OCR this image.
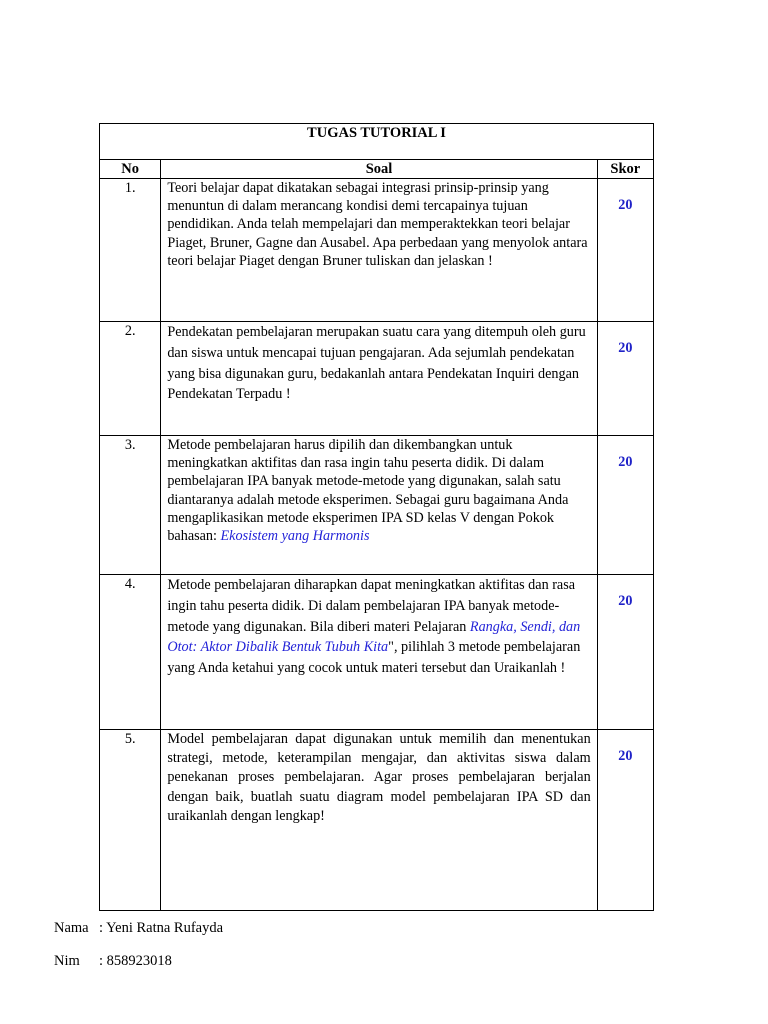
TUGAS TUTORIAL I		
No	Soal	Skor
1.	Teori belajar dapat dikatakan sebagai integrasi prinsip-prinsip yang menuntun di dalam merancang kondisi demi tercapainya tujuan pendidikan. Anda telah mempelajari dan memperaktekkan teori belajar Piaget, Bruner, Gagne dan Ausabel. Apa perbedaan yang menyolok antara teori belajar Piaget dengan Bruner tuliskan dan jelaskan !	20
2.	Pendekatan pembelajaran merupakan suatu cara yang ditempuh oleh guru dan siswa untuk mencapai tujuan pengajaran. Ada sejumlah pendekatan yang bisa digunakan guru, bedakanlah antara Pendekatan Inquiri dengan Pendekatan Terpadu !	20
3.	Metode pembelajaran harus dipilih dan dikembangkan untuk meningkatkan aktifitas dan rasa ingin tahu peserta didik. Di dalam pembelajaran IPA banyak metode-metode yang digunakan, salah satu diantaranya adalah metode eksperimen. Sebagai guru bagaimana Anda mengaplikasikan metode eksperimen IPA SD kelas V dengan Pokok bahasan: Ekosistem yang Harmonis	20
4.	Metode pembelajaran diharapkan dapat meningkatkan aktifitas dan rasa ingin tahu peserta didik. Di dalam pembelajaran IPA banyak metode-metode yang digunakan. Bila diberi materi Pelajaran Rangka, Sendi, dan Otot: Aktor Dibalik Bentuk Tubuh Kita", pilihlah 3 metode pembelajaran yang Anda ketahui yang cocok untuk materi tersebut dan Uraikanlah !	20
5.	Model pembelajaran dapat digunakan untuk memilih dan menentukan strategi, metode, keterampilan mengajar, dan aktivitas siswa dalam penekanan proses pembelajaran. Agar proses pembelajaran berjalan dengan baik, buatlah suatu diagram model pembelajaran IPA SD dan uraikanlah dengan lengkap!	20
Nama : Yeni Ratna Rufayda
Nim : 858923018
